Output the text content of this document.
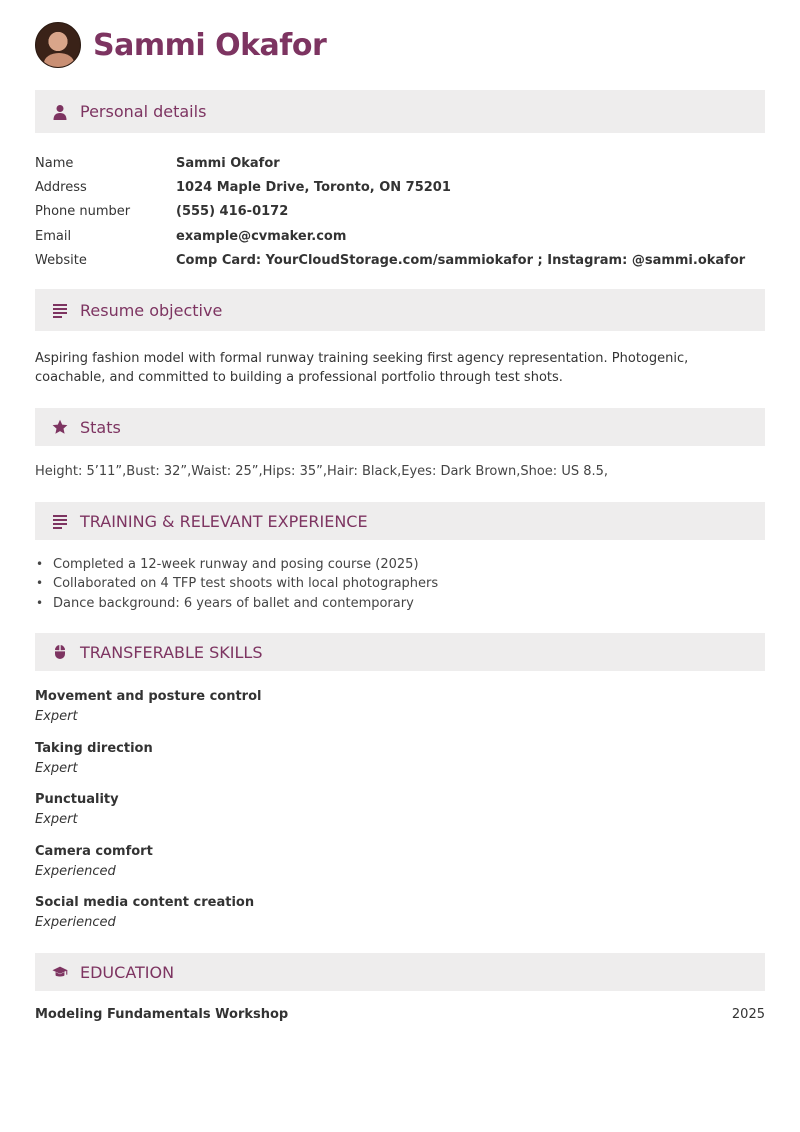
Sammi Okafor
Personal details
Name	Sammi Okafor
Address	1024 Maple Drive, Toronto, ON 75201
Phone number	(555) 416-0172
Email	example@cvmaker.com
Website	Comp Card: YourCloudStorage.com/sammiokafor ; Instagram: @sammi.okafor
Resume objective
Aspiring fashion model with formal runway training seeking first agency representation. Photogenic, coachable, and committed to building a professional portfolio through test shots.
Stats
Height: 5’11”,Bust: 32”,Waist: 25”,Hips: 35”,Hair: Black,Eyes: Dark Brown,Shoe: US 8.5,
TRAINING & RELEVANT EXPERIENCE
• Completed a 12-week runway and posing course (2025)
• Collaborated on 4 TFP test shoots with local photographers
• Dance background: 6 years of ballet and contemporary
TRANSFERABLE SKILLS
Movement and posture control
Expert
Taking direction
Expert
Punctuality
Expert
Camera comfort
Experienced
Social media content creation
Experienced
EDUCATION
Modeling Fundamentals Workshop	2025
